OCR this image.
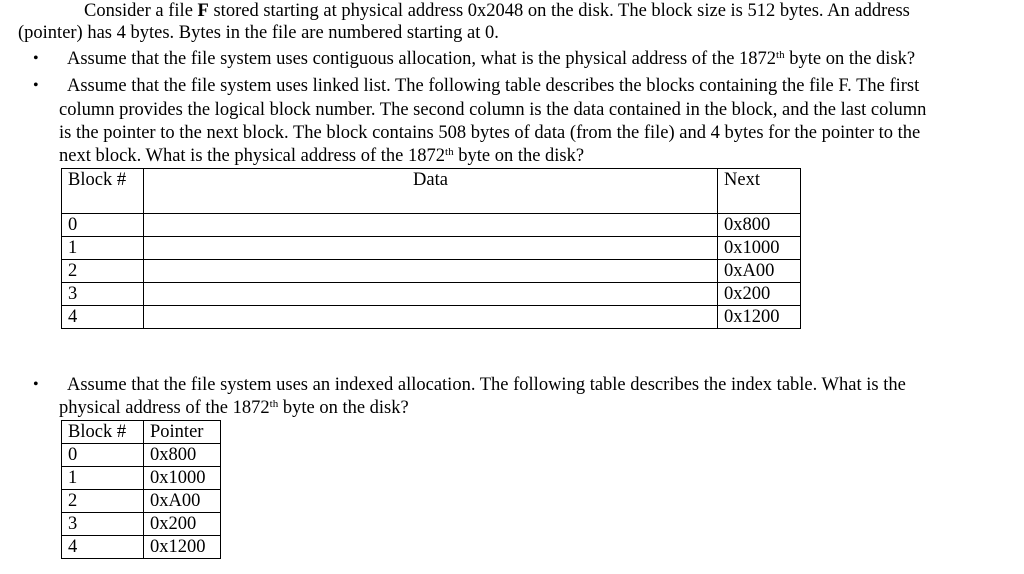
Consider a file F stored starting at physical address 0x2048 on the disk. The block size is 512 bytes. An address
(pointer) has 4 bytes. Bytes in the file are numbered starting at 0.
• Assume that the file system uses contiguous allocation, what is the physical address of the 1872th byte on the disk?
• Assume that the file system uses linked list. The following table describes the blocks containing the file F. The first
column provides the logical block number. The second column is the data contained in the block, and the last column
is the pointer to the next block. The block contains 508 bytes of data (from the file) and 4 bytes for the pointer to the
next block. What is the physical address of the 1872th byte on the disk?
Block #	Data	Next
0		0x800
1		0x1000
2		0xA00
3		0x200
4		0x1200
• Assume that the file system uses an indexed allocation. The following table describes the index table. What is the
physical address of the 1872th byte on the disk?
Block #	Pointer
0	0x800
1	0x1000
2	0xA00
3	0x200
4	0x1200
